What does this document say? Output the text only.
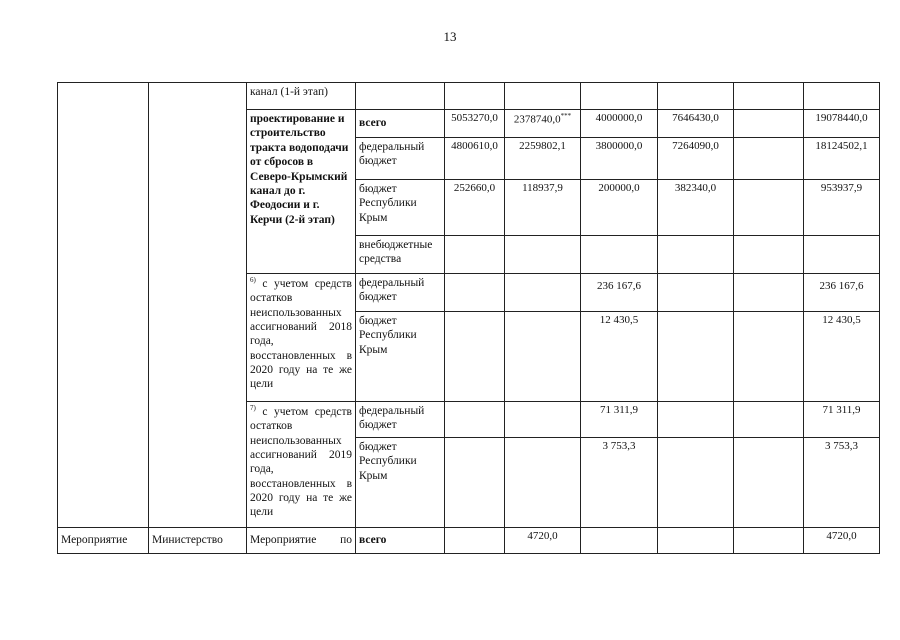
13
		канал (1-й этап)							
		проектирование и строительство тракта водоподачи от сбросов в Северо-Крымский канал до г. Феодосии и г. Керчи (2-й этап)	всего	5053270,0	2378740,0***	4000000,0	7646430,0		19078440,0
			федеральный бюджет	4800610,0	2259802,1	3800000,0	7264090,0		18124502,1
			бюджет Республики Крым	252660,0	118937,9	200000,0	382340,0		953937,9
			внебюджетные средства						
		$^{6)}$ с учетом средств остатков неиспользованных ассигнований 2018 года, восстановленных в 2020 году на те же цели	федеральный бюджет			236 167,6			236 167,6
			бюджет Республики Крым			12 430,5			12 430,5
		$^{7)}$ с учетом средств остатков неиспользованных ассигнований 2019 года, восстановленных в 2020 году на те же цели	федеральный бюджет			71 311,9			71 311,9
			бюджет Республики Крым			3 753,3			3 753,3
Мероприятие	Министерство	Мероприятие по	всего		4720,0				4720,0
